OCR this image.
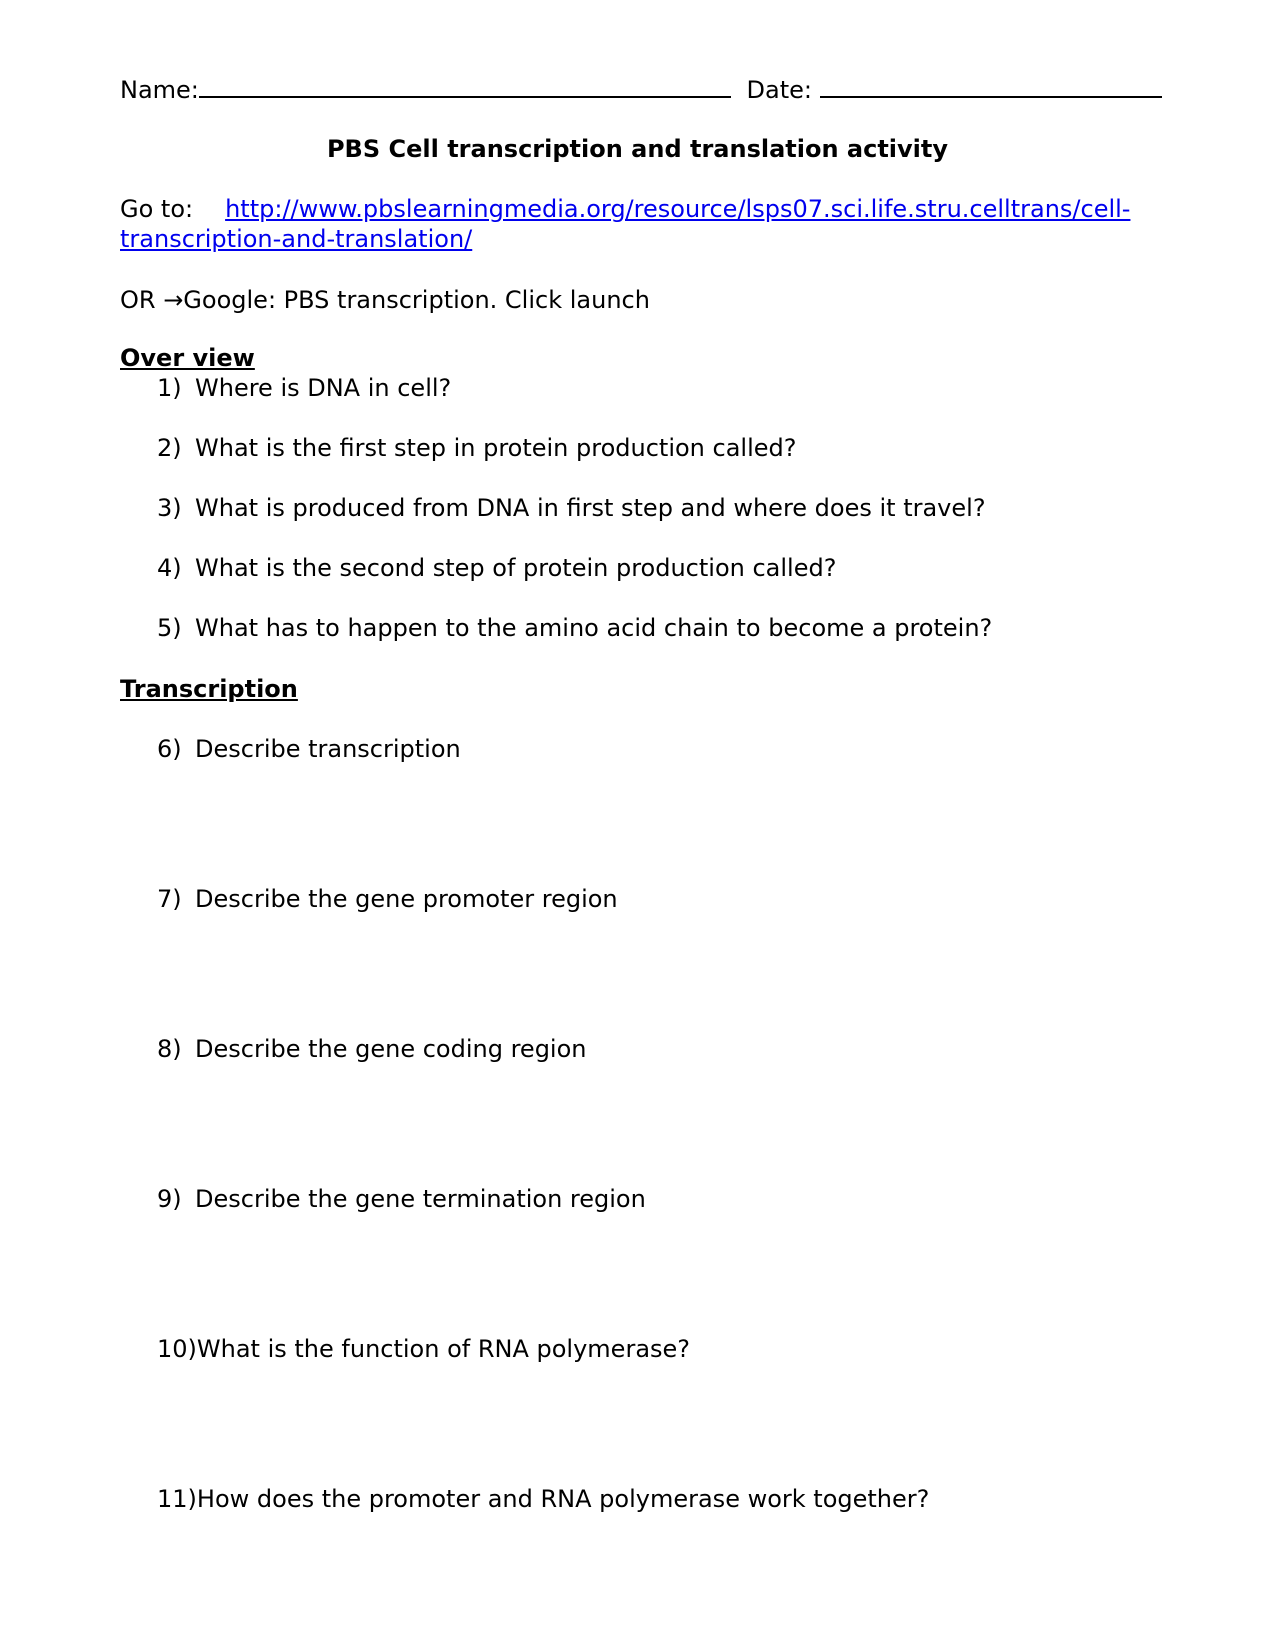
Name:	Date:
PBS Cell transcription and translation activity
Go to: http://www.pbslearningmedia.org/resource/lsps07.sci.life.stru.celltrans/cell-
transcription-and-translation/
OR →Google: PBS transcription. Click launch
Over view
1) Where is DNA in cell?
2) What is the first step in protein production called?
3) What is produced from DNA in first step and where does it travel?
4) What is the second step of protein production called?
5) What has to happen to the amino acid chain to become a protein?
Transcription
6) Describe transcription
7) Describe the gene promoter region
8) Describe the gene coding region
9) Describe the gene termination region
10)What is the function of RNA polymerase?
11)How does the promoter and RNA polymerase work together?
